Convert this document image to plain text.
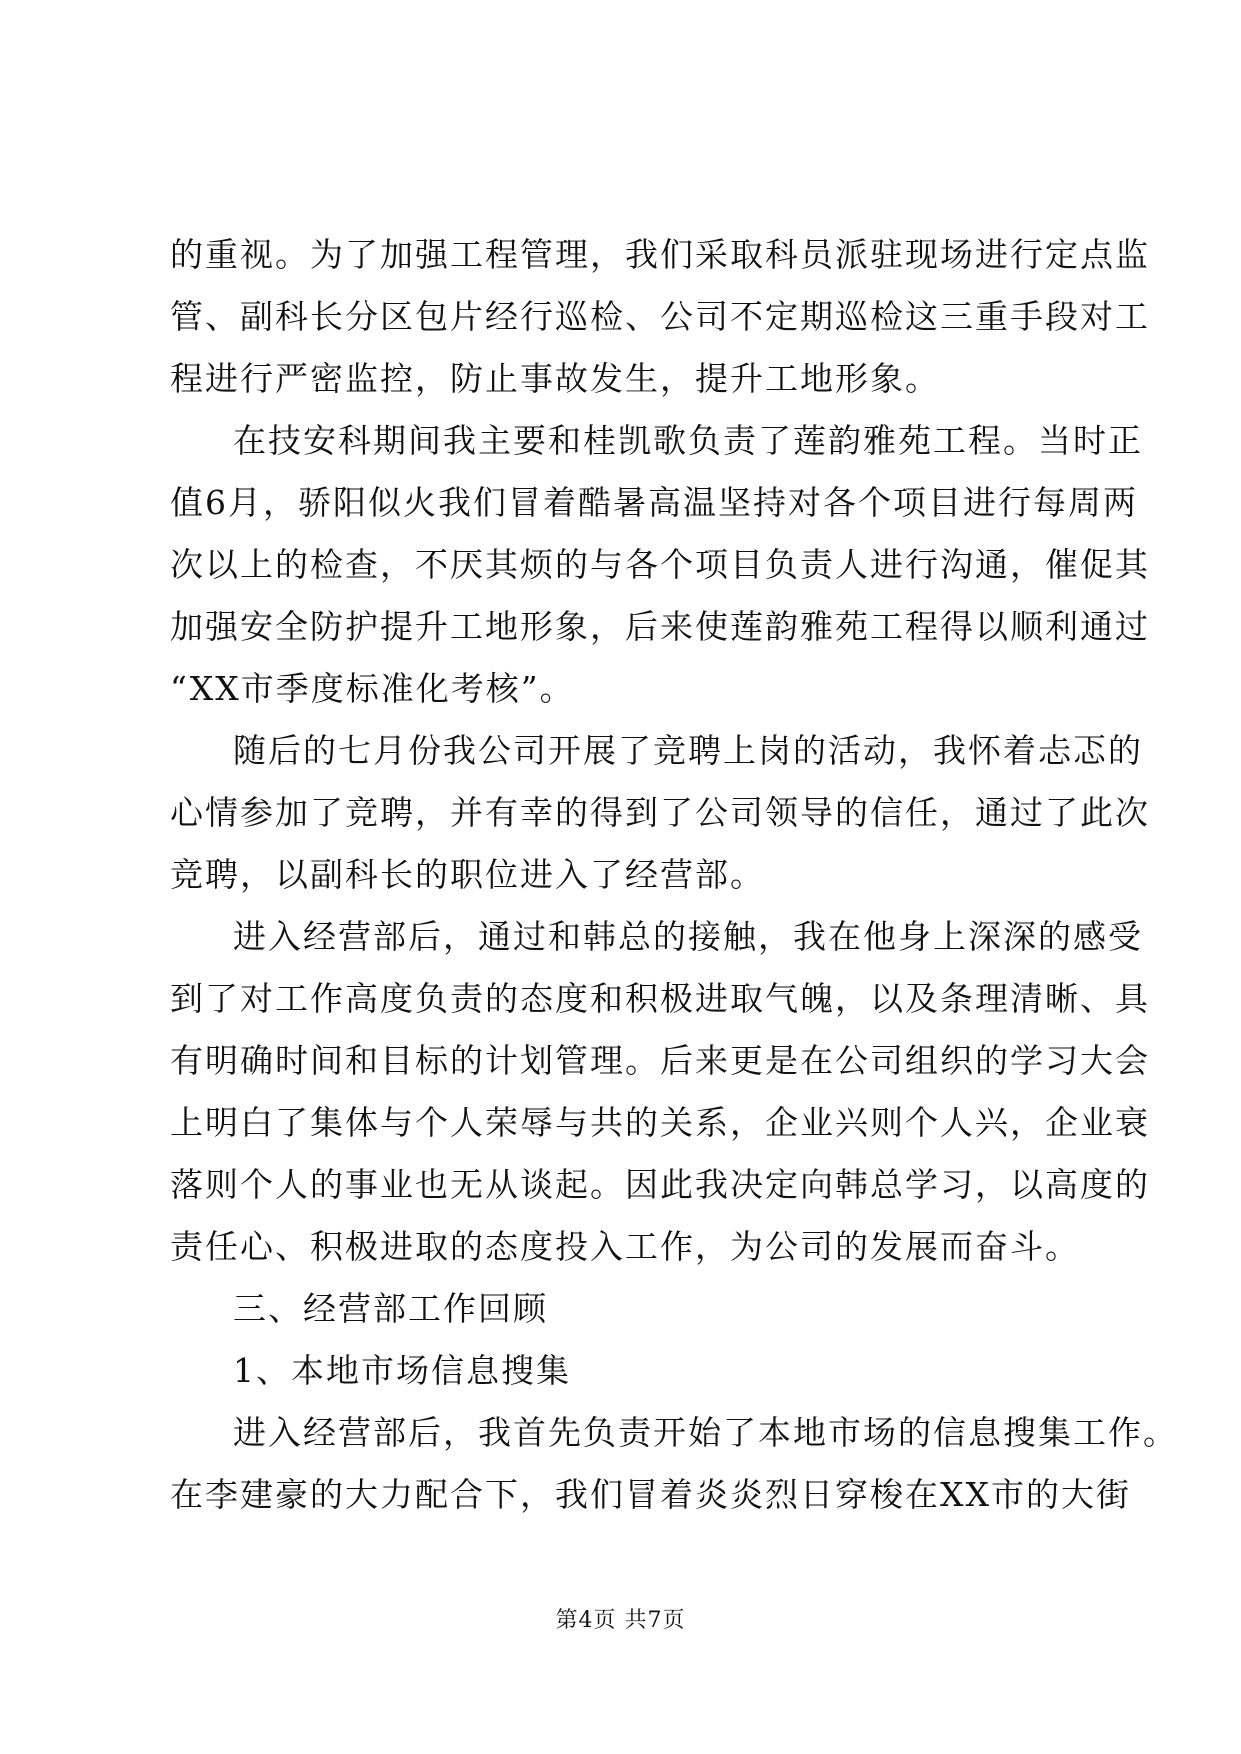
的重视。为了加强工程管理，我们采取科员派驻现场进行定点监
管、副科长分区包片经行巡检、公司不定期巡检这三重手段对工
程进行严密监控，防止事故发生，提升工地形象。
在技安科期间我主要和桂凯歌负责了莲韵雅苑工程。当时正
值6月，骄阳似火我们冒着酷暑高温坚持对各个项目进行每周两
次以上的检查，不厌其烦的与各个项目负责人进行沟通，催促其
加强安全防护提升工地形象，后来使莲韵雅苑工程得以顺利通过
“XX市季度标准化考核”。
随后的七月份我公司开展了竞聘上岗的活动，我怀着忐忑的
心情参加了竞聘，并有幸的得到了公司领导的信任，通过了此次
竞聘，以副科长的职位进入了经营部。
进入经营部后，通过和韩总的接触，我在他身上深深的感受
到了对工作高度负责的态度和积极进取气魄，以及条理清晰、具
有明确时间和目标的计划管理。后来更是在公司组织的学习大会
上明白了集体与个人荣辱与共的关系，企业兴则个人兴，企业衰
落则个人的事业也无从谈起。因此我决定向韩总学习，以高度的
责任心、积极进取的态度投入工作，为公司的发展而奋斗。
三、经营部工作回顾
1、本地市场信息搜集
进入经营部后，我首先负责开始了本地市场的信息搜集工作。
在李建豪的大力配合下，我们冒着炎炎烈日穿梭在XX市的大街
第4页 共7页
